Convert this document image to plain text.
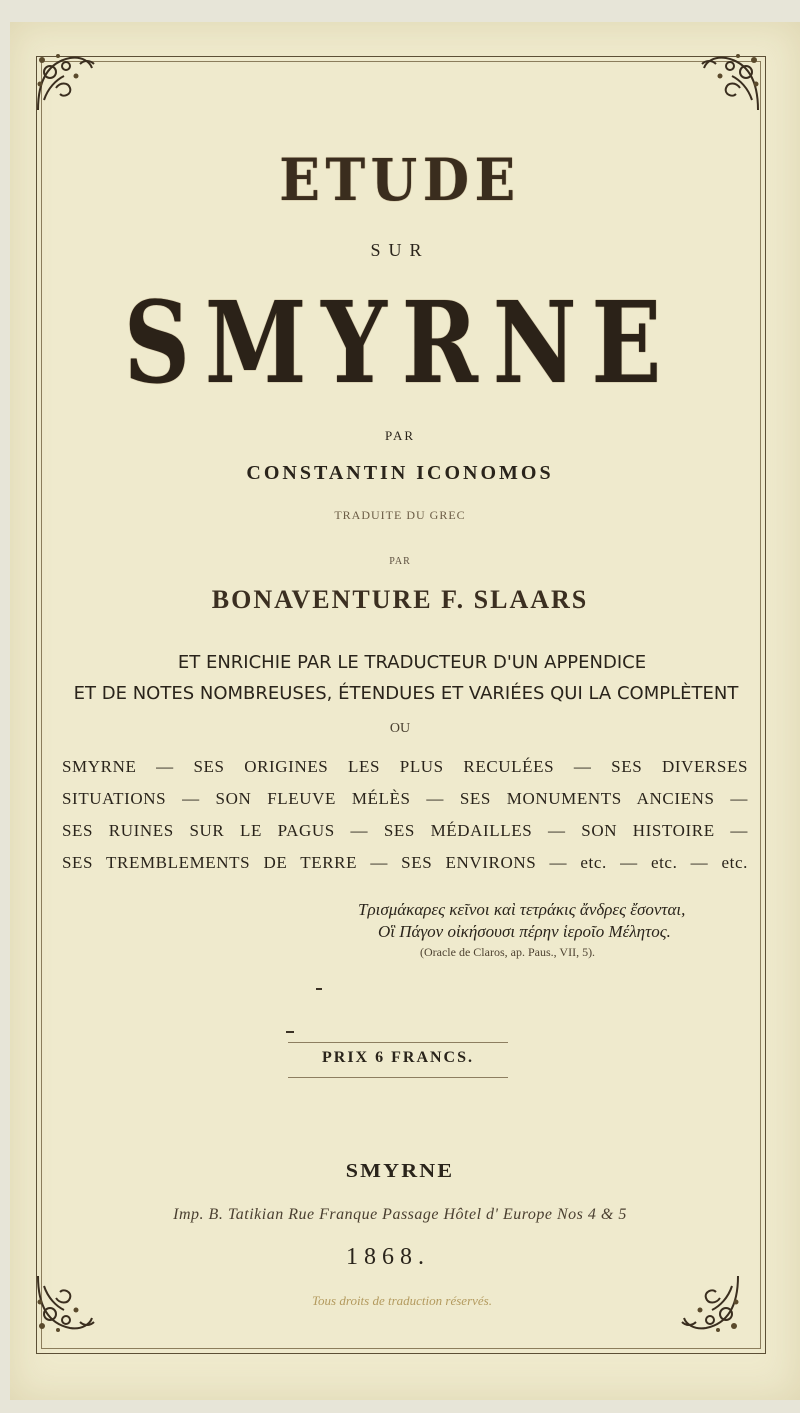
ETUDE
SUR
SMYRNE
PAR
CONSTANTIN ICONOMOS
TRADUITE DU GREC
PAR
BONAVENTURE F. SLAARS
ET ENRICHIE PAR LE TRADUCTEUR D'UN APPENDICE
ET DE NOTES NOMBREUSES, ÉTENDUES ET VARIÉES QUI LA COMPLÈTENT
OU
SMYRNE — SES ORIGINES LES PLUS RECULÉES — SES DIVERSES
SITUATIONS — SON FLEUVE MÉLÈS — SES MONUMENTS ANCIENS —
SES RUINES SUR LE PAGUS — SES MÉDAILLES — SON HISTOIRE —
SES TREMBLEMENTS DE TERRE — SES ENVIRONS — etc. — etc. — etc.
Τρισμάκαρες κεῖνοι καὶ τετράκις ἄνδρες ἔσονται,
Οἳ Πάγον οἰκήσουσι πέρην ἱεροῖο Μέλητος.
(Oracle de Claros, ap. Paus., VII, 5).
PRIX 6 FRANCS.
SMYRNE
Imp. B. Tatikian Rue Franque Passage Hôtel d' Europe Nos 4 & 5
1868.
Tous droits de traduction réservés.
